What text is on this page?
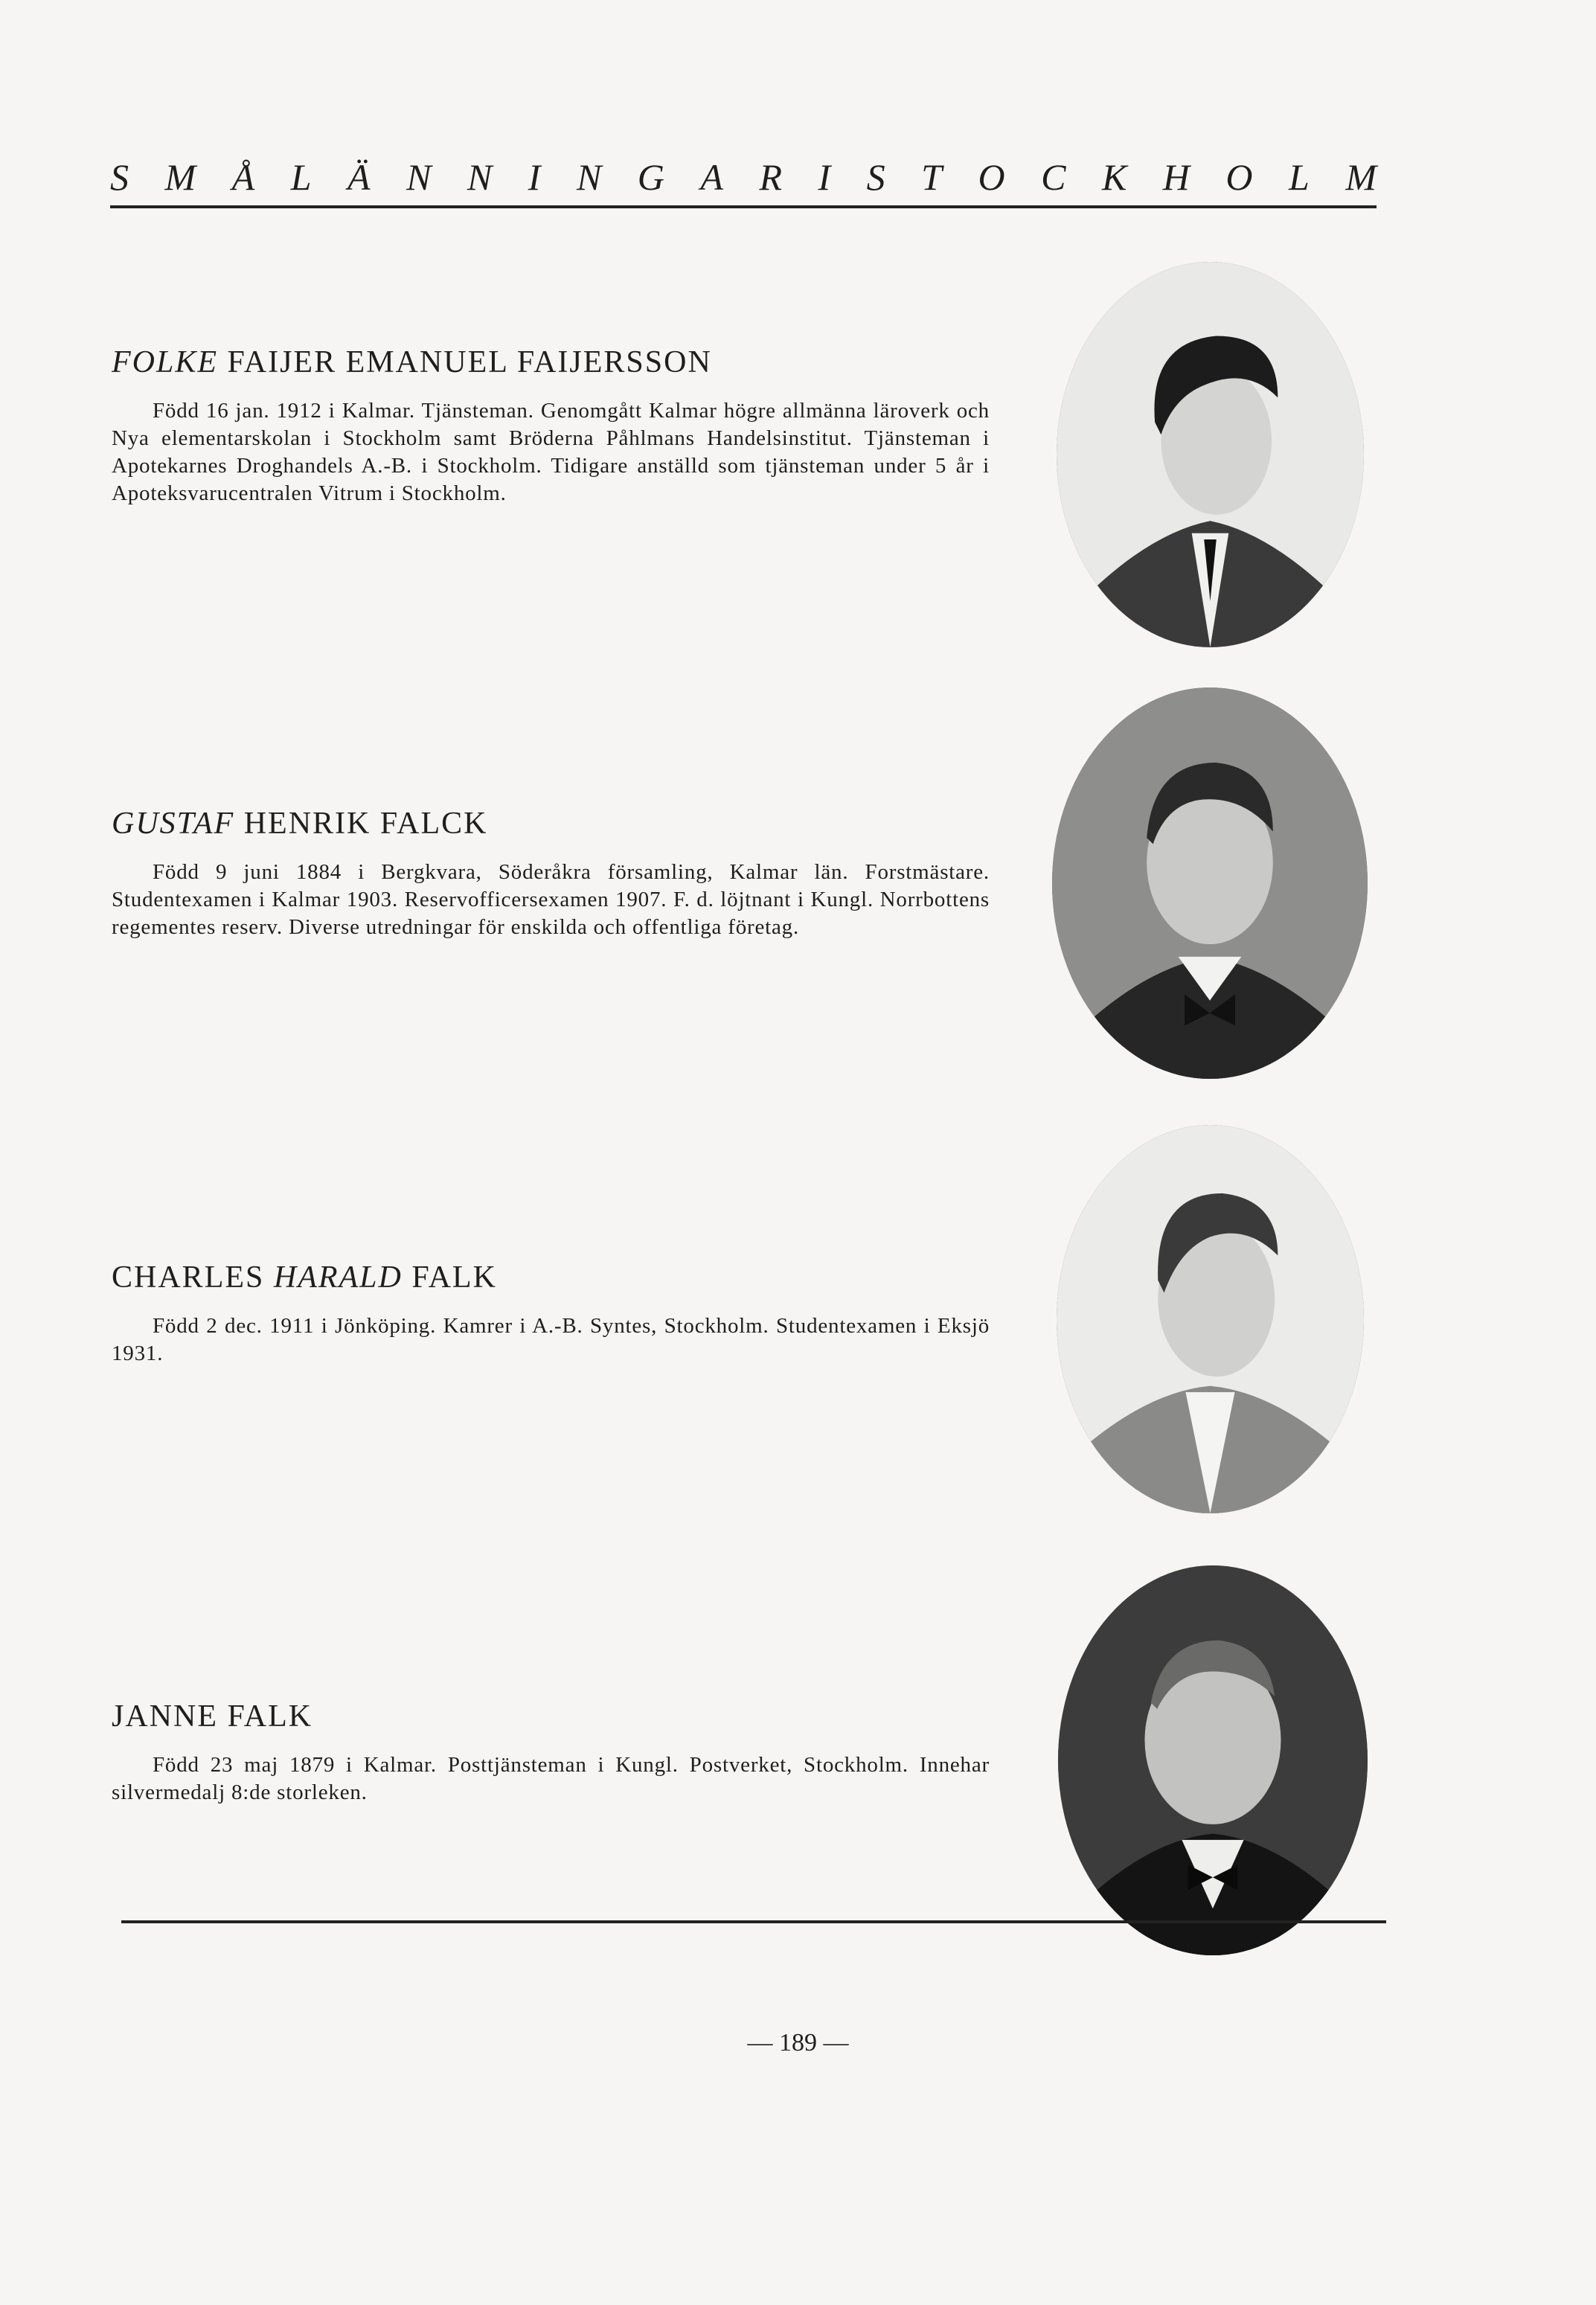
S M Å L Ä N N I N G A R I S T O C K H O L M
FOLKE FAIJER EMANUEL FAIJERSSON

Född 16 jan. 1912 i Kalmar. Tjänsteman. Genomgått Kalmar högre allmänna läroverk och Nya elementarskolan i Stockholm samt Bröderna Påhlmans Handelsinstitut. Tjänsteman i Apotekarnes Droghandels A.-B. i Stockholm. Tidigare anställd som tjänsteman under 5 år i Apoteksvarucentralen Vitrum i Stockholm.

GUSTAF HENRIK FALCK

Född 9 juni 1884 i Bergkvara, Söderåkra församling, Kalmar län. Forstmästare. Studentexamen i Kalmar 1903. Reservofficersexamen 1907. F. d. löjtnant i Kungl. Norrbottens regementes reserv. Diverse utredningar för enskilda och offentliga företag.

CHARLES HARALD FALK

Född 2 dec. 1911 i Jönköping. Kamrer i A.-B. Syntes, Stockholm. Studentexamen i Eksjö 1931.

JANNE FALK

Född 23 maj 1879 i Kalmar. Posttjänsteman i Kungl. Postverket, Stockholm. Innehar silvermedalj 8:de storleken.

— 189 —
